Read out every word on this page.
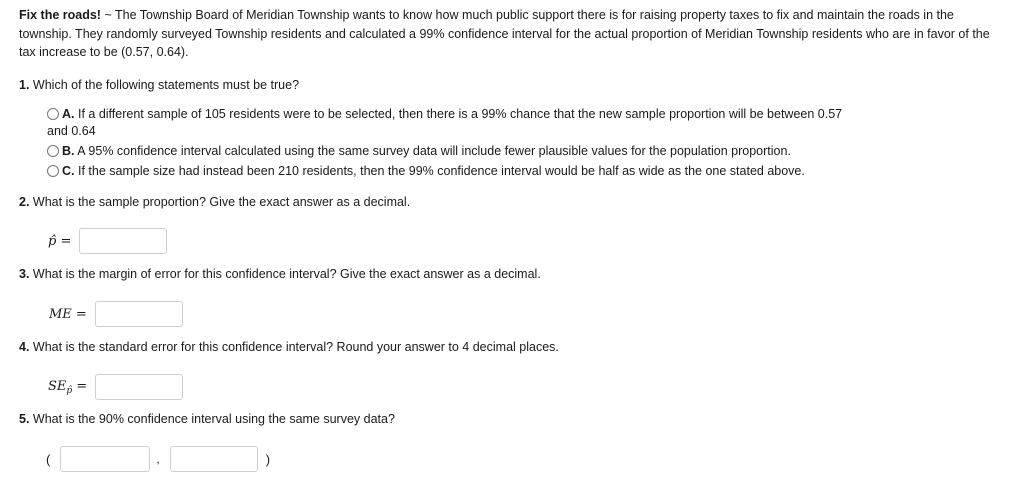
Fix the roads! ~ The Township Board of Meridian Township wants to know how much public support there is for raising property taxes to fix and maintain the roads in the township. They randomly surveyed Township residents and calculated a 99% confidence interval for the actual proportion of Meridian Township residents who are in favor of the tax increase to be (0.57, 0.64).

1. Which of the following statements must be true?

A. If a different sample of 105 residents were to be selected, then there is a 99% chance that the new sample proportion will be between 0.57
and 0.64
B. A 95% confidence interval calculated using the same survey data will include fewer plausible values for the population proportion.
C. If the sample size had instead been 210 residents, then the 99% confidence interval would be half as wide as the one stated above.

2. What is the sample proportion? Give the exact answer as a decimal.

p̂ =

3. What is the margin of error for this confidence interval? Give the exact answer as a decimal.

ME =

4. What is the standard error for this confidence interval? Round your answer to 4 decimal places.

$SE_{p̂}$ =

5. What is the 90% confidence interval using the same survey data?

(	,	)
